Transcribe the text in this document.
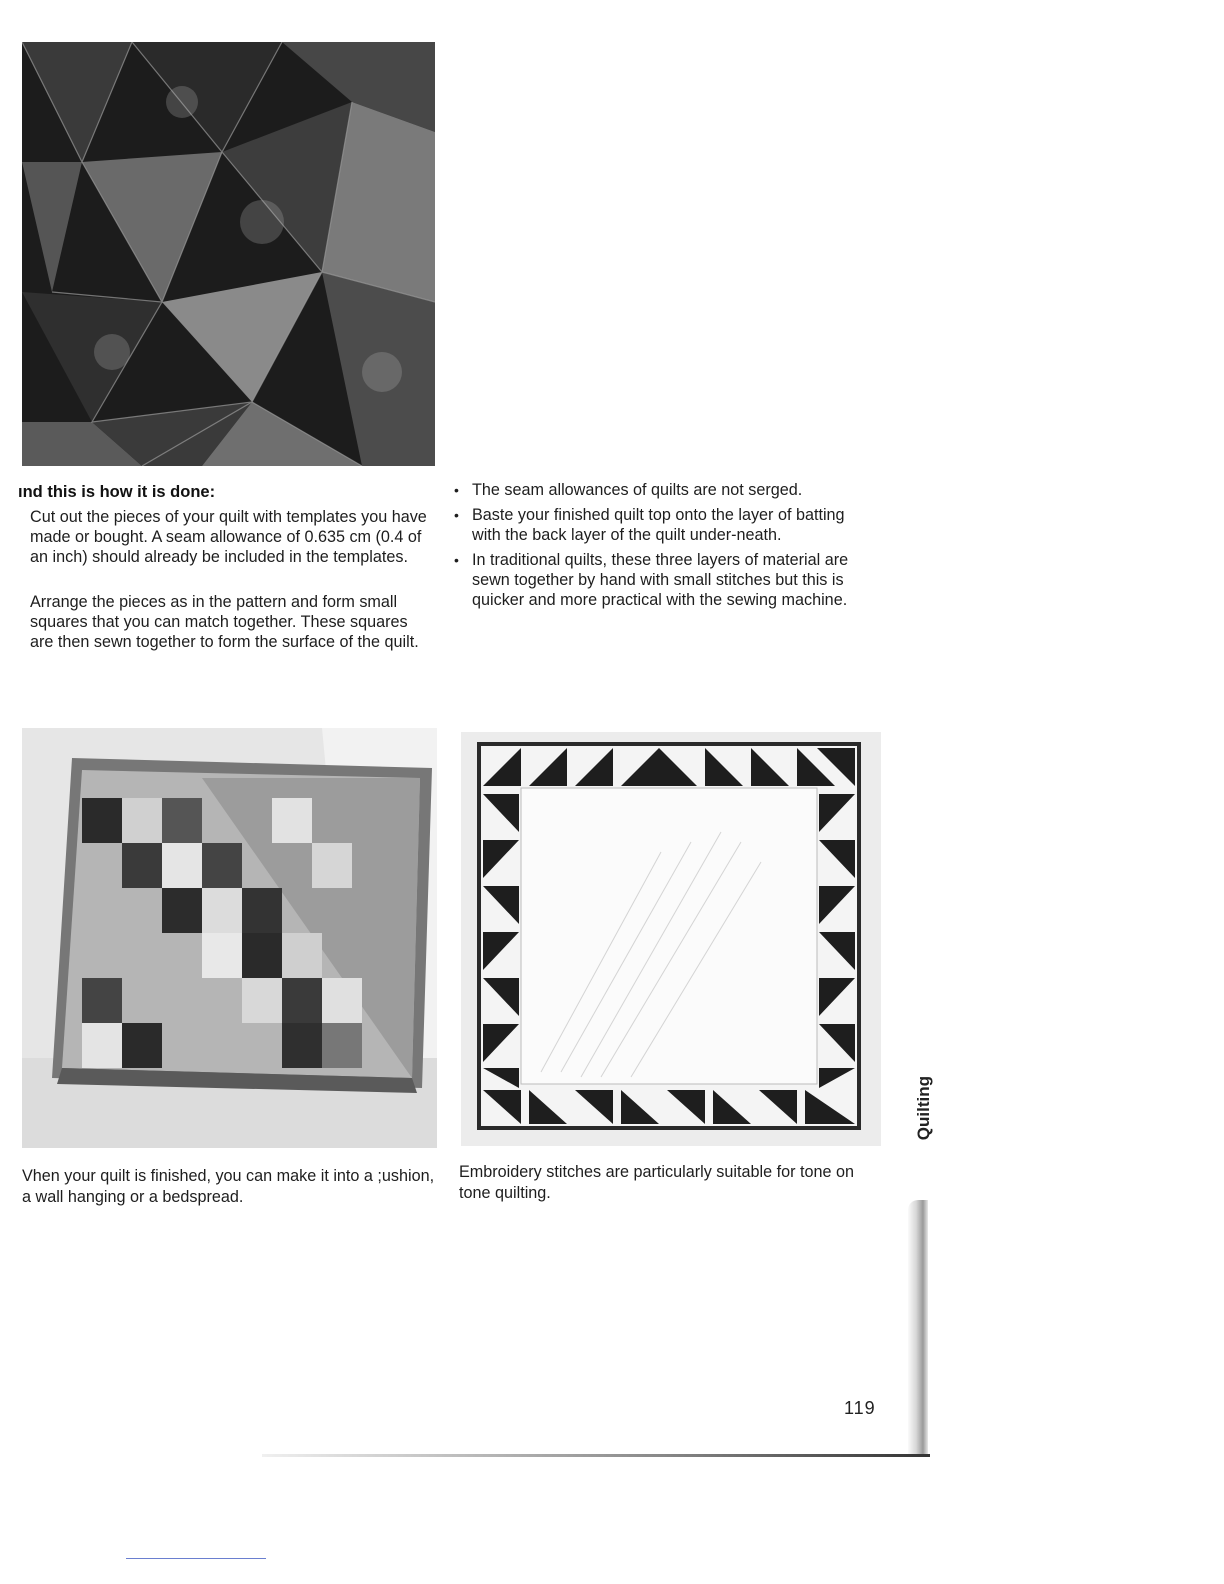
ınd this is how it is done:

Cut out the pieces of your quilt with templates you have made or bought. A seam allowance of 0.635 cm (0.4 of an inch) should already be included in the templates.

Arrange the pieces as in the pattern and form small squares that you can match together. These squares are then sewn together to form the surface of the quilt.

• The seam allowances of quilts are not serged.
• Baste your finished quilt top onto the layer of batting with the back layer of the quilt under-neath.
• In traditional quilts, these three layers of material are sewn together by hand with small stitches but this is quicker and more practical with the sewing machine.

Vhen your quilt is finished, you can make it into a ;ushion, a wall hanging or a bedspread.

Embroidery stitches are particularly suitable for tone on tone quilting.

Quilting
119
